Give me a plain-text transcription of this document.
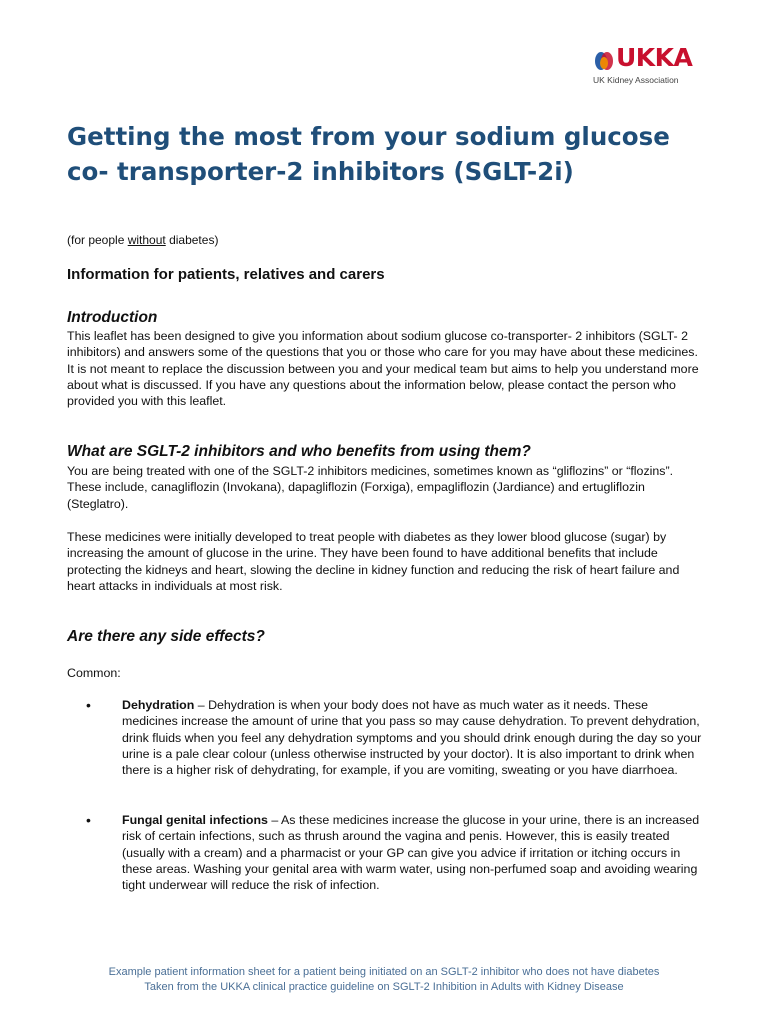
UKKA
UK Kidney Association
Getting the most from your sodium glucose co- transporter-2 inhibitors (SGLT-2i)
(for people without diabetes)
Information for patients, relatives and carers
Introduction

This leaflet has been designed to give you information about sodium glucose co-transporter- 2 inhibitors (SGLT- 2 inhibitors) and answers some of the questions that you or those who care for you may have about these medicines. It is not meant to replace the discussion between you and your medical team but aims to help you understand more about what is discussed. If you have any questions about the information below, please contact the person who provided you with this leaflet.

What are SGLT-2 inhibitors and who benefits from using them?

You are being treated with one of the SGLT-2 inhibitors medicines, sometimes known as “gliflozins” or “flozins”. These include, canagliflozin (Invokana), dapagliflozin (Forxiga), empagliflozin (Jardiance) and ertugliflozin (Steglatro).

These medicines were initially developed to treat people with diabetes as they lower blood glucose (sugar) by increasing the amount of glucose in the urine. They have been found to have additional benefits that include protecting the kidneys and heart, slowing the decline in kidney function and reducing the risk of heart failure and heart attacks in individuals at most risk.

Are there any side effects?
Common:
•	Dehydration – Dehydration is when your body does not have as much water as it needs. These medicines increase the amount of urine that you pass so may cause dehydration. To prevent dehydration, drink fluids when you feel any dehydration symptoms and you should drink enough during the day so your urine is a pale clear colour (unless otherwise instructed by your doctor). It is also important to drink when there is a higher risk of dehydrating, for example, if you are vomiting, sweating or you have diarrhoea.

•	Fungal genital infections – As these medicines increase the glucose in your urine, there is an increased risk of certain infections, such as thrush around the vagina and penis. However, this is easily treated (usually with a cream) and a pharmacist or your GP can give you advice if irritation or itching occurs in these areas. Washing your genital area with warm water, using non-perfumed soap and avoiding wearing tight underwear will reduce the risk of infection.

Example patient information sheet for a patient being initiated on an SGLT-2 inhibitor who does not have diabetes
Taken from the UKKA clinical practice guideline on SGLT-2 Inhibition in Adults with Kidney Disease
